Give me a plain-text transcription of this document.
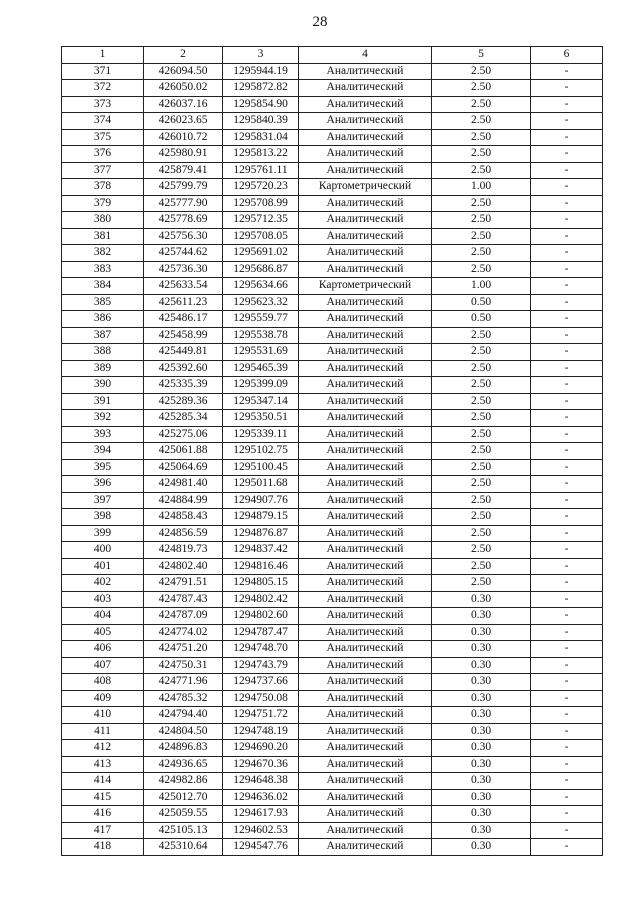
28
1	2	3	4	5	6
371	426094.50	1295944.19	Аналитический	2.50	-
372	426050.02	1295872.82	Аналитический	2.50	-
373	426037.16	1295854.90	Аналитический	2.50	-
374	426023.65	1295840.39	Аналитический	2.50	-
375	426010.72	1295831.04	Аналитический	2.50	-
376	425980.91	1295813.22	Аналитический	2.50	-
377	425879.41	1295761.11	Аналитический	2.50	-
378	425799.79	1295720.23	Картометрический	1.00	-
379	425777.90	1295708.99	Аналитический	2.50	-
380	425778.69	1295712.35	Аналитический	2.50	-
381	425756.30	1295708.05	Аналитический	2.50	-
382	425744.62	1295691.02	Аналитический	2.50	-
383	425736.30	1295686.87	Аналитический	2.50	-
384	425633.54	1295634.66	Картометрический	1.00	-
385	425611.23	1295623.32	Аналитический	0.50	-
386	425486.17	1295559.77	Аналитический	0.50	-
387	425458.99	1295538.78	Аналитический	2.50	-
388	425449.81	1295531.69	Аналитический	2.50	-
389	425392.60	1295465.39	Аналитический	2.50	-
390	425335.39	1295399.09	Аналитический	2.50	-
391	425289.36	1295347.14	Аналитический	2.50	-
392	425285.34	1295350.51	Аналитический	2.50	-
393	425275.06	1295339.11	Аналитический	2.50	-
394	425061.88	1295102.75	Аналитический	2.50	-
395	425064.69	1295100.45	Аналитический	2.50	-
396	424981.40	1295011.68	Аналитический	2.50	-
397	424884.99	1294907.76	Аналитический	2.50	-
398	424858.43	1294879.15	Аналитический	2.50	-
399	424856.59	1294876.87	Аналитический	2.50	-
400	424819.73	1294837.42	Аналитический	2.50	-
401	424802.40	1294816.46	Аналитический	2.50	-
402	424791.51	1294805.15	Аналитический	2.50	-
403	424787.43	1294802.42	Аналитический	0.30	-
404	424787.09	1294802.60	Аналитический	0.30	-
405	424774.02	1294787.47	Аналитический	0.30	-
406	424751.20	1294748.70	Аналитический	0.30	-
407	424750.31	1294743.79	Аналитический	0.30	-
408	424771.96	1294737.66	Аналитический	0.30	-
409	424785.32	1294750.08	Аналитический	0.30	-
410	424794.40	1294751.72	Аналитический	0.30	-
411	424804.50	1294748.19	Аналитический	0.30	-
412	424896.83	1294690.20	Аналитический	0.30	-
413	424936.65	1294670.36	Аналитический	0.30	-
414	424982.86	1294648.38	Аналитический	0.30	-
415	425012.70	1294636.02	Аналитический	0.30	-
416	425059.55	1294617.93	Аналитический	0.30	-
417	425105.13	1294602.53	Аналитический	0.30	-
418	425310.64	1294547.76	Аналитический	0.30	-
